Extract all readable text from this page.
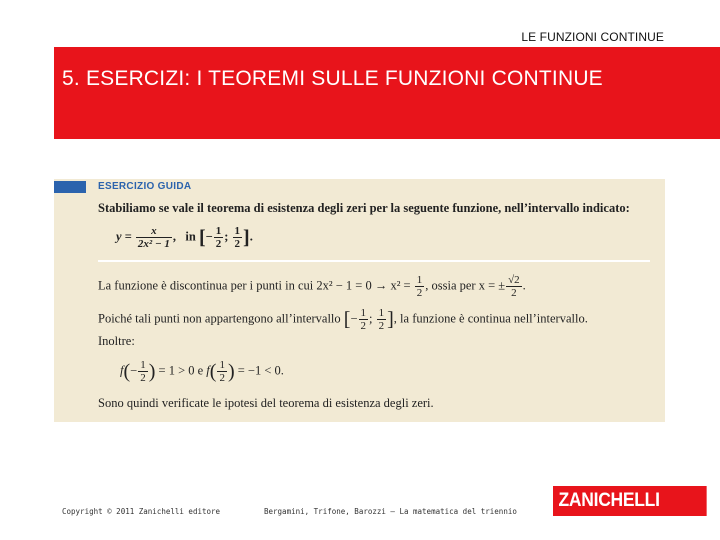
LE FUNZIONI CONTINUE
5. ESERCIZI: I TEOREMI SULLE FUNZIONI CONTINUE
ESERCIZIO GUIDA
Stabiliamo se vale il teorema di esistenza degli zeri per la seguente funzione, nell’intervallo indicato:
$y = \frac{x}{\text{2x² − 1}}$ , in [− $\frac{1}{2}$ ; $\frac{1}{2}$ ].
La funzione è discontinua per i punti in cui $2x^2 - 1 = 0 \to x^2 = \frac{1}{2}$ , ossia per x = ± $\frac{√2}{2}$ .
Poiché tali punti non appartengono all’intervallo [− $\frac{1}{2}$ ; $\frac{1}{2}$ ], la funzione è continua nell’intervallo.
Inoltre:
$f(- \frac{1}{2}$ ) = 1 > 0 e $f( \frac{1}{2}$ ) = −1 < 0.
Sono quindi verificate le ipotesi del teorema di esistenza degli zeri.
Copyright © 2011 Zanichelli editore	Bergamini, Trifone, Barozzi – La matematica del triennio
ZANICHELLI
